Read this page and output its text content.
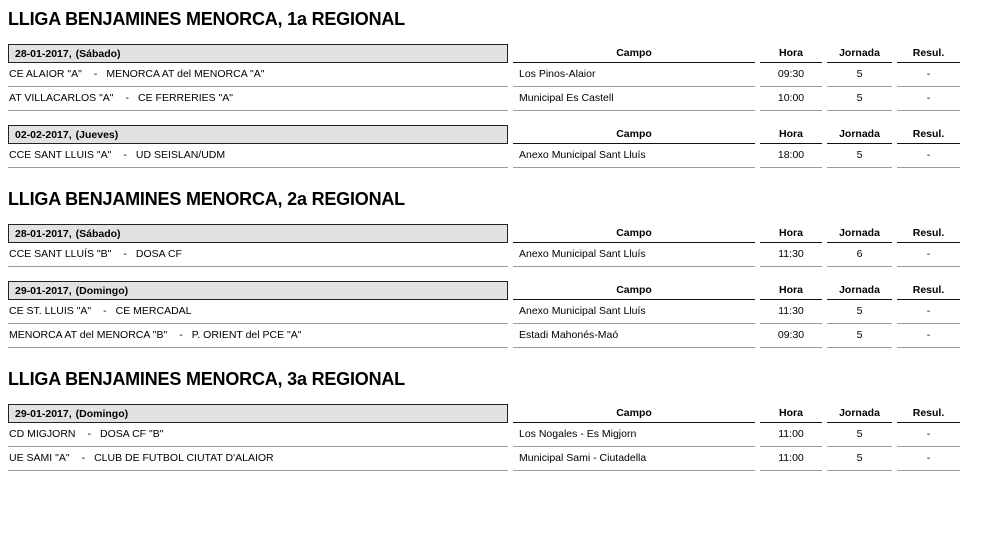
LLIGA BENJAMINES MENORCA, 1a REGIONAL
28-01-2017, (Sábado)	Campo	Hora	Jornada	Resul.
CE ALAIOR "A" - MENORCA AT del MENORCA "A"	Los Pinos-Alaior	09:30	5	-
AT VILLACARLOS "A" - CE FERRERIES "A"	Municipal Es Castell	10:00	5	-
02-02-2017, (Jueves)	Campo	Hora	Jornada	Resul.
CCE SANT LLUIS "A" - UD SEISLAN/UDM	Anexo Municipal Sant Lluís	18:00	5	-
LLIGA BENJAMINES MENORCA, 2a REGIONAL
28-01-2017, (Sábado)	Campo	Hora	Jornada	Resul.
CCE SANT LLUÍS "B" - DOSA CF	Anexo Municipal Sant Lluís	11:30	6	-
29-01-2017, (Domingo)	Campo	Hora	Jornada	Resul.
CE ST. LLUIS "A" - CE MERCADAL	Anexo Municipal Sant Lluís	11:30	5	-
MENORCA AT del MENORCA "B" - P. ORIENT del PCE "A"	Estadi Mahonés-Maó	09:30	5	-
LLIGA BENJAMINES MENORCA, 3a REGIONAL
29-01-2017, (Domingo)	Campo	Hora	Jornada	Resul.
CD MIGJORN - DOSA CF "B"	Los Nogales - Es Migjorn	11:00	5	-
UE SAMI "A" - CLUB DE FUTBOL CIUTAT D'ALAIOR	Municipal Sami - Ciutadella	11:00	5	-
